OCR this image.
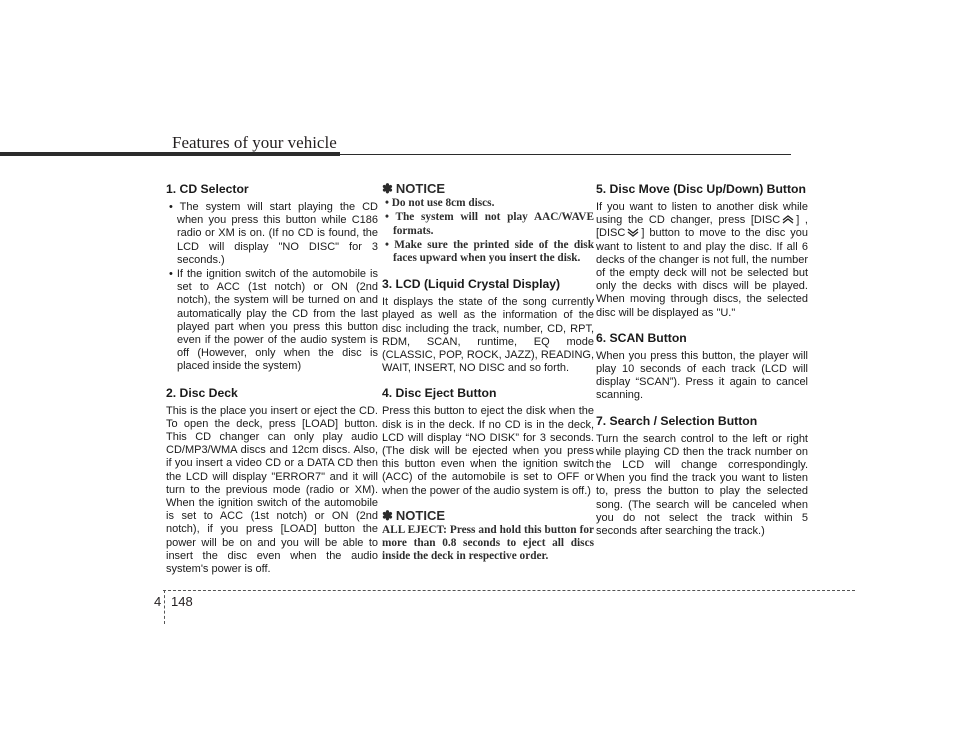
Features of your vehicle
1. CD Selector
• The system will start playing the CD when you press this button while C186 radio or XM is on. (If no CD is found, the LCD will display "NO DISC" for 3 seconds.)
• If the ignition switch of the automobile is set to ACC (1st notch) or ON (2nd notch), the system will be turned on and automatically play the CD from the last played part when you press this button even if the power of the audio system is off (However, only when the disc is placed inside the system)
2. Disc Deck

This is the place you insert or eject the CD. To open the deck, press [LOAD] button. This CD changer can only play audio CD/MP3/WMA discs and 12cm discs. Also, if you insert a video CD or a DATA CD then the LCD will display "ERROR7" and it will turn to the previous mode (radio or XM). When the ignition switch of the automobile is set to ACC (1st notch) or ON (2nd notch), if you press [LOAD] button the power will be on and you will be able to insert the disc even when the audio system's power is off.

✽ NOTICE
• Do not use 8cm discs.
• The system will not play AAC/WAVE formats.
• Make sure the printed side of the disk faces upward when you insert the disk.
3. LCD (Liquid Crystal Display)

It displays the state of the song currently played as well as the information of the disc including the track, number, CD, RPT, RDM, SCAN, runtime, EQ mode (CLASSIC, POP, ROCK, JAZZ), READING, WAIT, INSERT, NO DISC and so forth.

4. Disc Eject Button

Press this button to eject the disk when the disk is in the deck. If no CD is in the deck, LCD will display “NO DISK” for 3 seconds. (The disk will be ejected when you press this button even when the ignition switch (ACC) of the automobile is set to OFF or when the power of the audio system is off.)

✽ NOTICE

ALL EJECT: Press and hold this button for more than 0.8 seconds to eject all discs inside the deck in respective order.

5. Disc Move (Disc Up/Down) Button

If you want to listen to another disk while using the CD changer, press [DISC ] , [DISC ] button to move to the disc you want to listent to and play the disc. If all 6 decks of the changer is not full, the number of the empty deck will not be selected but only the decks with discs will be played. When moving through discs, the selected disc will be displayed as "U."

6. SCAN Button

When you press this button, the player will play 10 seconds of each track (LCD will display “SCAN”). Press it again to cancel scanning.

7. Search / Selection Button

Turn the search control to the left or right while playing CD then the track number on the LCD will change correspondingly. When you find the track you want to listen to, press the button to play the selected song. (The search will be canceled when you do not select the track within 5 seconds after searching the track.)

4 148
